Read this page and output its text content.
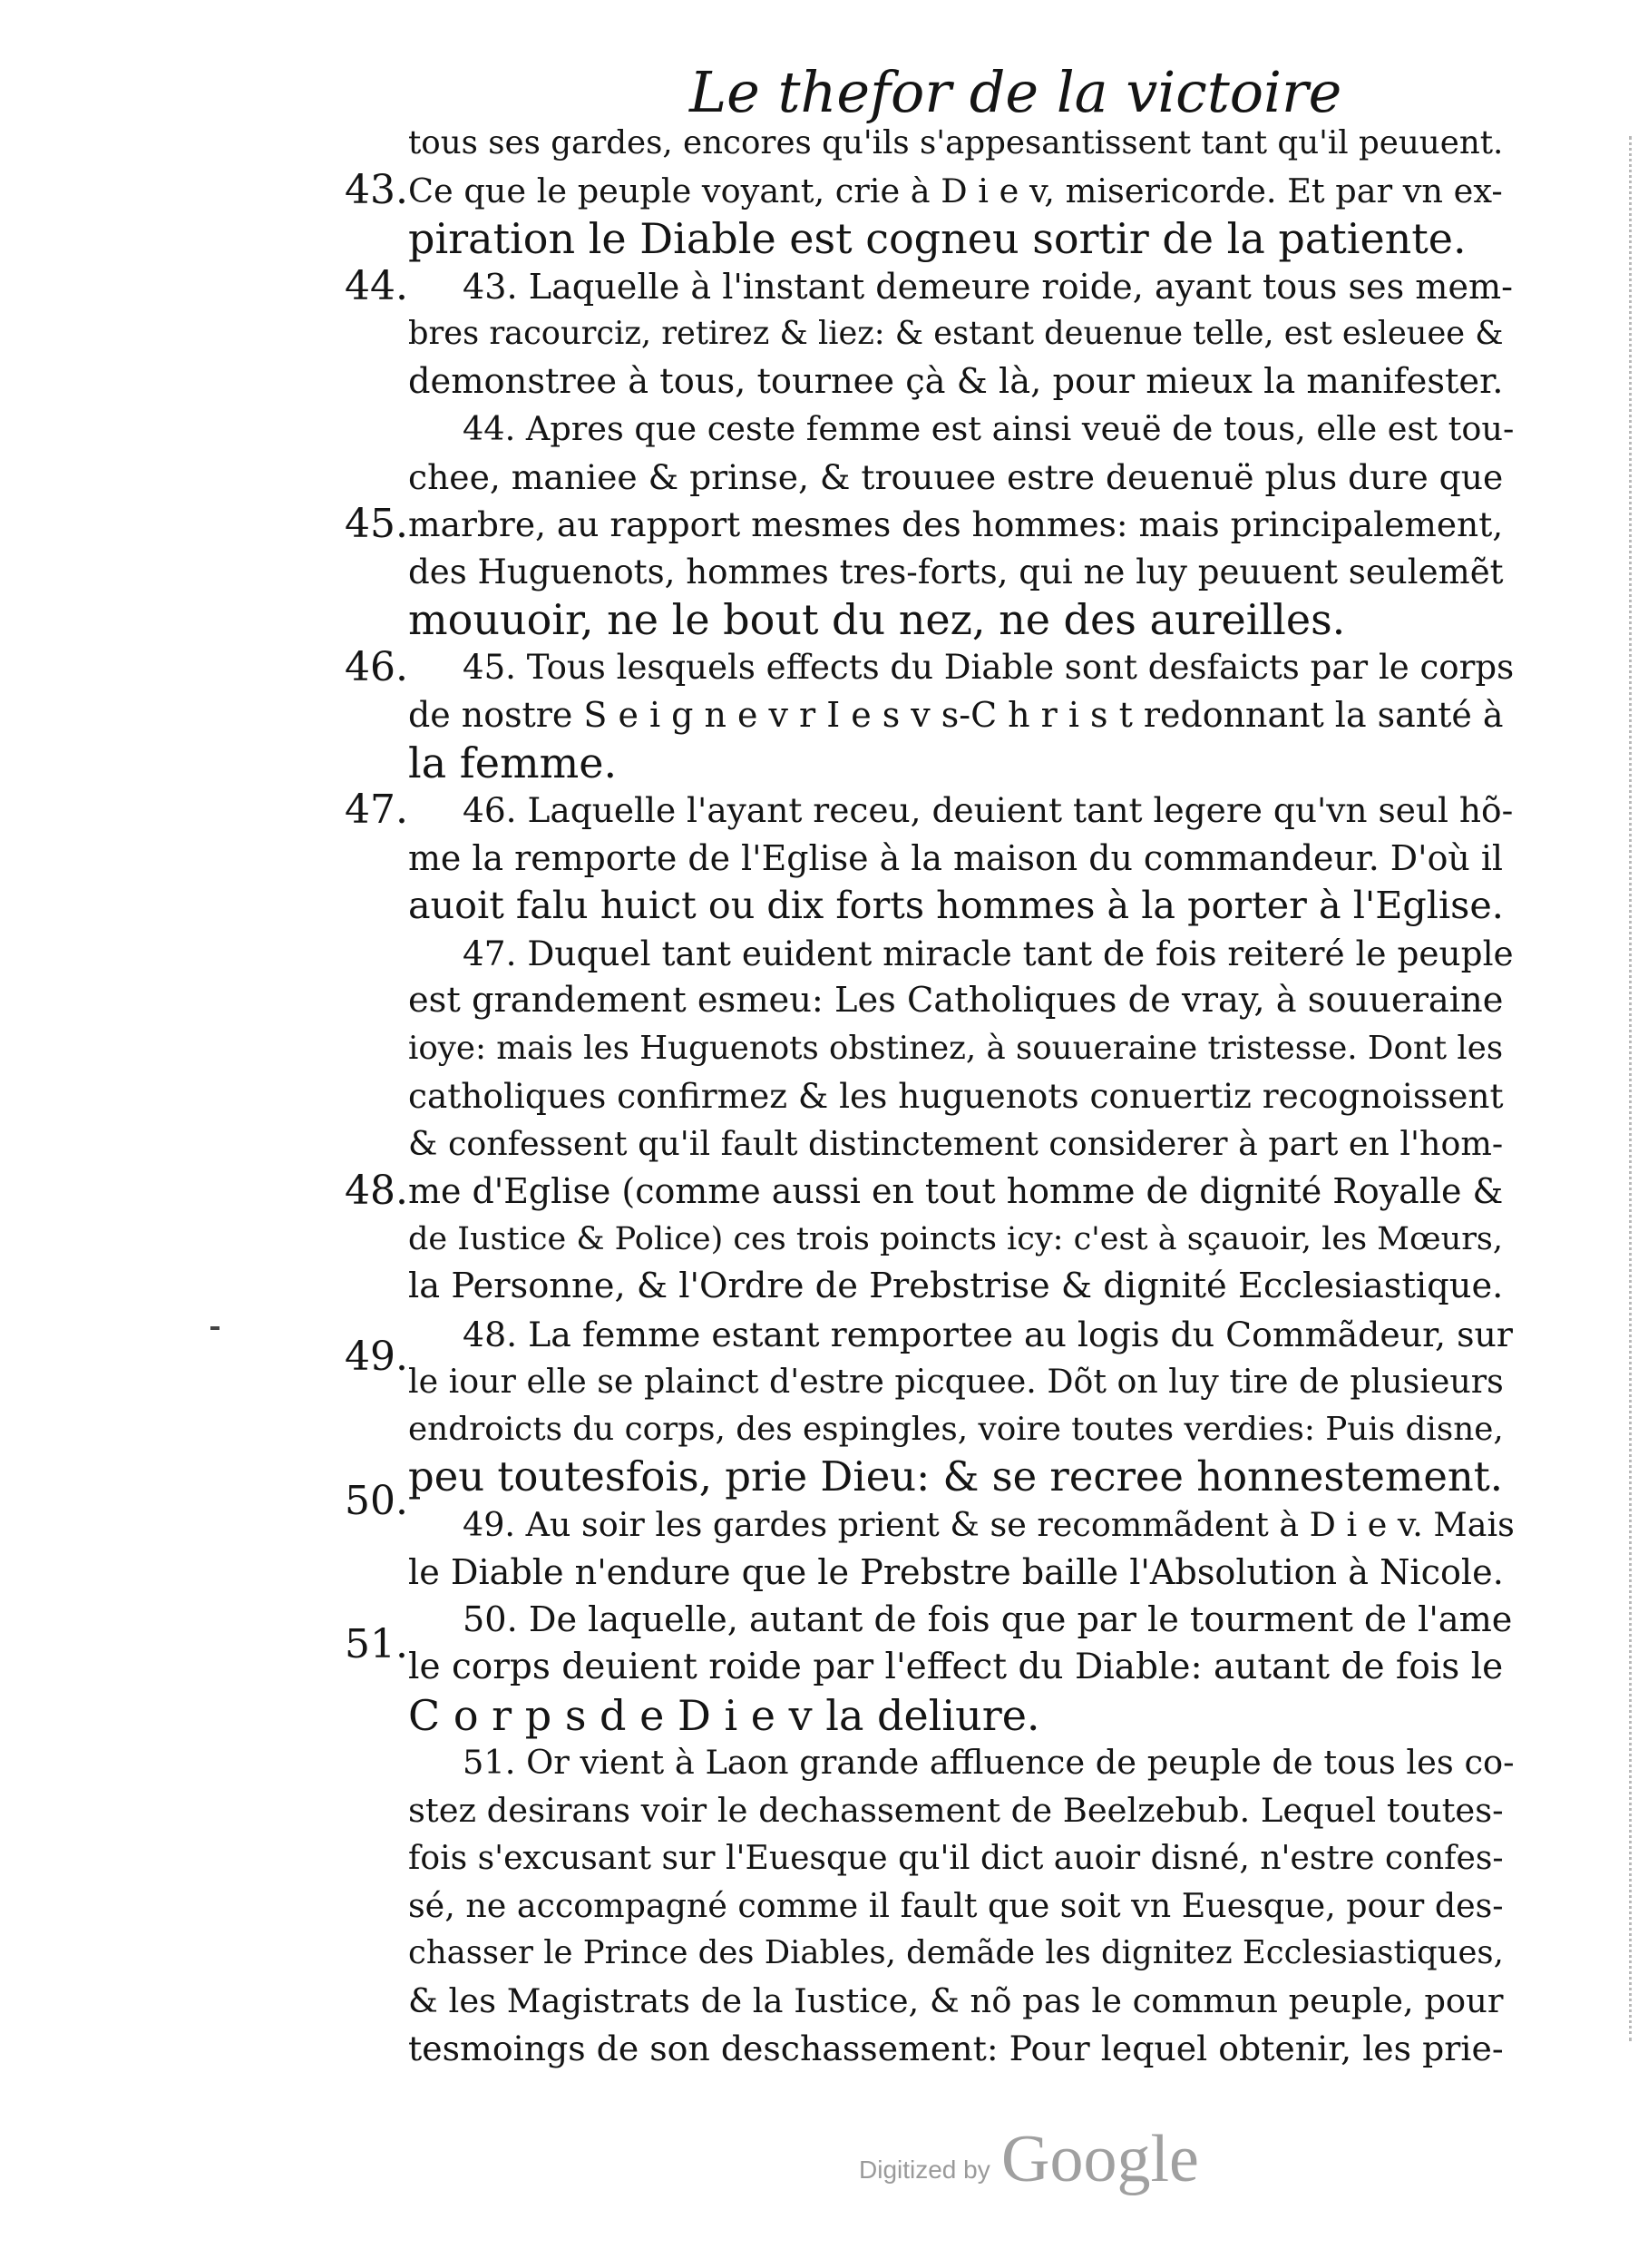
Le thefor de la victoire
43.
44.
45.
46.
47.
48.
49.
50.
51.
tous ses gardes, encores qu'ils s'appesantissent tant qu'il peuuent.
Ce que le peuple voyant, crie à D i e v, misericorde. Et par vn ex-
piration le Diable est cogneu sortir de la patiente.
43. Laquelle à l'instant demeure roide, ayant tous ses mem-
bres racourciz, retirez & liez: & estant deuenue telle, est esleuee &
demonstree à tous, tournee çà & là, pour mieux la manifester.
44. Apres que ceste femme est ainsi veuë de tous, elle est tou-
chee, maniee & prinse, & trouuee estre deuenuë plus dure que
marbre, au rapport mesmes des hommes: mais principalement,
des Huguenots, hommes tres-forts, qui ne luy peuuent seulemẽt
mouuoir, ne le bout du nez, ne des aureilles.
45. Tous lesquels effects du Diable sont desfaicts par le corps
de nostre S e i g n e v r I e s v s-C h r i s t redonnant la santé à
la femme.
46. Laquelle l'ayant receu, deuient tant legere qu'vn seul hõ-
me la remporte de l'Eglise à la maison du commandeur. D'où il
auoit falu huict ou dix forts hommes à la porter à l'Eglise.
47. Duquel tant euident miracle tant de fois reiteré le peuple
est grandement esmeu: Les Catholiques de vray, à souueraine
ioye: mais les Huguenots obstinez, à souueraine tristesse. Dont les
catholiques confirmez & les huguenots conuertiz recognoissent
& confessent qu'il fault distinctement considerer à part en l'hom-
me d'Eglise (comme aussi en tout homme de dignité Royalle &
de Iustice & Police) ces trois poincts icy: c'est à sçauoir, les Mœurs,
la Personne, & l'Ordre de Prebstrise & dignité Ecclesiastique.
48. La femme estant remportee au logis du Commãdeur, sur
le iour elle se plainct d'estre picquee. Dõt on luy tire de plusieurs
endroicts du corps, des espingles, voire toutes verdies: Puis disne,
peu toutesfois, prie Dieu: & se recree honnestement.
49. Au soir les gardes prient & se recommãdent à D i e v. Mais
le Diable n'endure que le Prebstre baille l'Absolution à Nicole.
50. De laquelle, autant de fois que par le tourment de l'ame
le corps deuient roide par l'effect du Diable: autant de fois le
C o r p s d e D i e v la deliure.
51. Or vient à Laon grande affluence de peuple de tous les co-
stez desirans voir le dechassement de Beelzebub. Lequel toutes-
fois s'excusant sur l'Euesque qu'il dict auoir disné, n'estre confes-
sé, ne accompagné comme il fault que soit vn Euesque, pour des-
chasser le Prince des Diables, demãde les dignitez Ecclesiastiques,
& les Magistrats de la Iustice, & nõ pas le commun peuple, pour
tesmoings de son deschassement: Pour lequel obtenir, les prie-
Digitized by Google
